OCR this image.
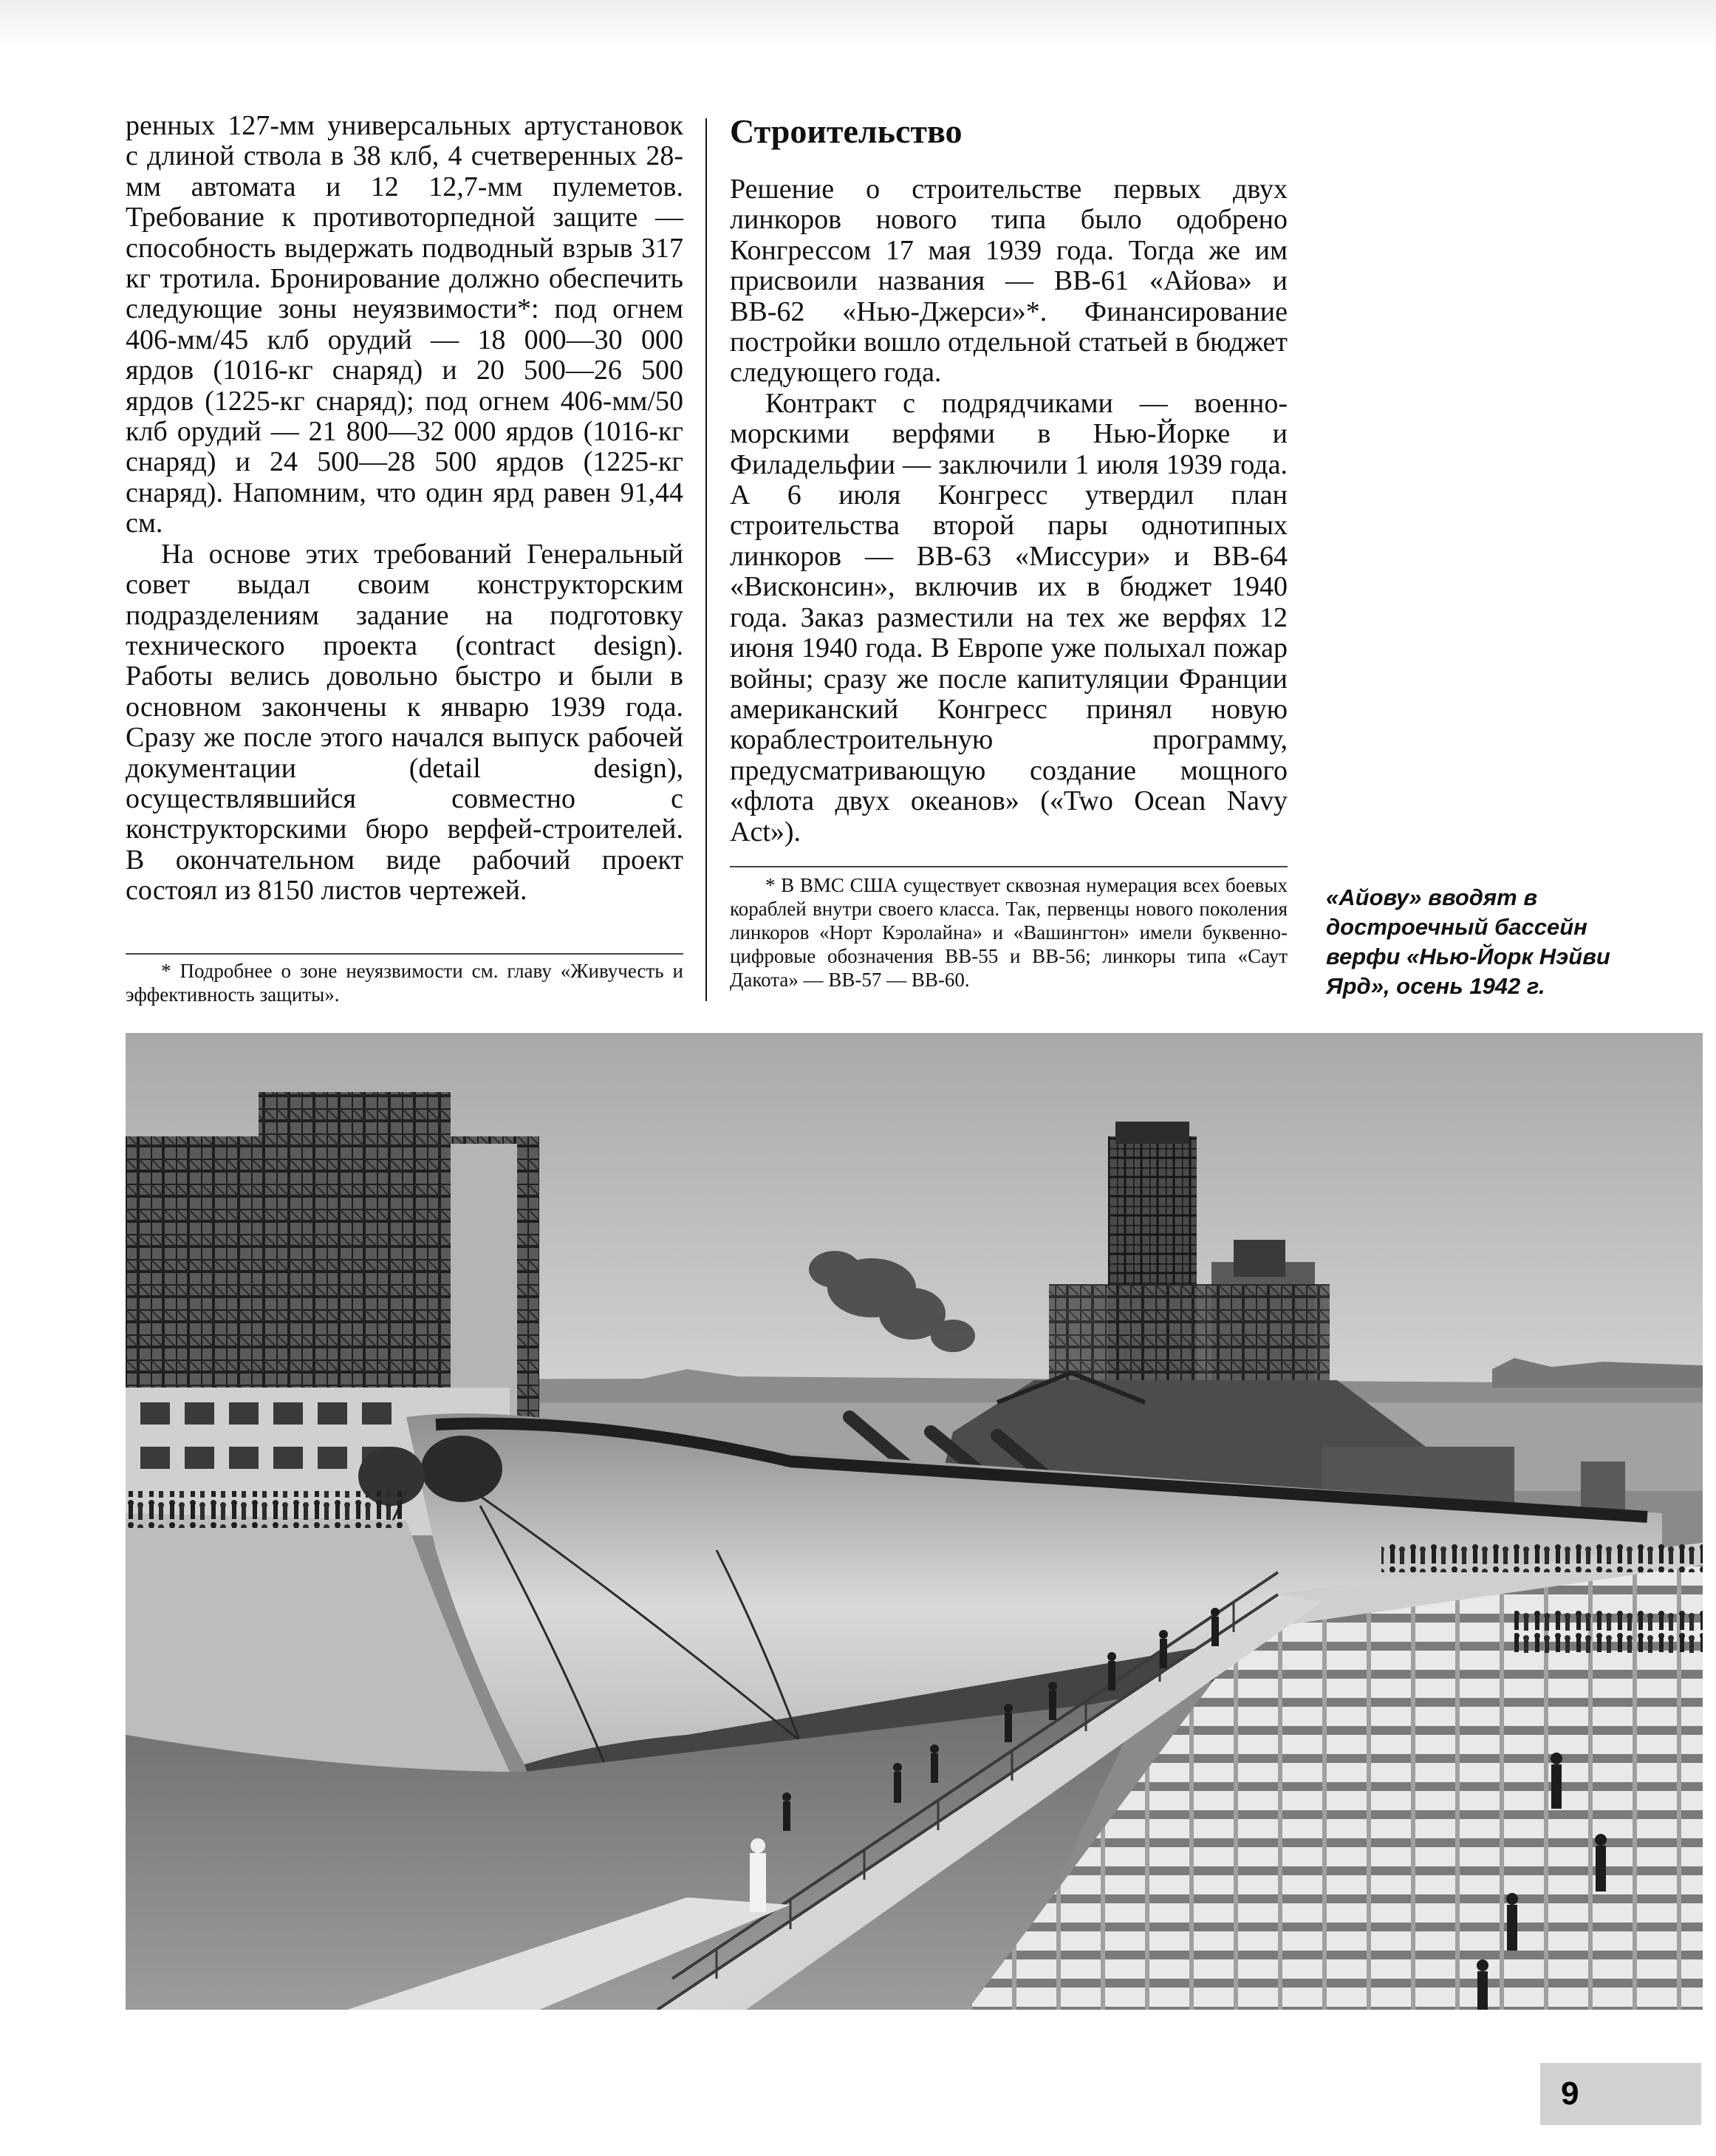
ренных 127-мм универсальных артустановок с длиной ствола в 38 клб, 4 счетверенных 28-мм автомата и 12 12,7-мм пулеметов. Требование к противоторпедной защите — способность выдержать подводный взрыв 317 кг тротила. Бронирование должно обеспечить следующие зоны неуязвимости*: под огнем 406-мм/45 клб орудий — 18 000—30 000 ярдов (1016-кг снаряд) и 20 500—26 500 ярдов (1225-кг снаряд); под огнем 406-мм/50 клб орудий — 21 800—32 000 ярдов (1016-кг снаряд) и 24 500—28 500 ярдов (1225-кг снаряд). Напомним, что один ярд равен 91,44 см.

На основе этих требований Генеральный совет выдал своим конструкторским подразделениям задание на подготовку технического проекта (contract design). Работы велись довольно быстро и были в основном закончены к январю 1939 года. Сразу же после этого начался выпуск рабочей документации (detail design), осуществлявшийся совместно с конструкторскими бюро верфей-строителей. В окончательном виде рабочий проект состоял из 8150 листов чертежей.

Строительство

Решение о строительстве первых двух линкоров нового типа было одобрено Конгрессом 17 мая 1939 года. Тогда же им присвоили названия — ВВ-61 «Айова» и ВВ-62 «Нью-Джерси»*. Финансирование постройки вошло отдельной статьей в бюджет следующего года.

Контракт с подрядчиками — военно-морскими верфями в Нью-Йорке и Филадельфии — заключили 1 июля 1939 года. А 6 июля Конгресс утвердил план строительства второй пары однотипных линкоров — ВВ-63 «Миссури» и ВВ-64 «Висконсин», включив их в бюджет 1940 года. Заказ разместили на тех же верфях 12 июня 1940 года. В Европе уже полыхал пожар войны; сразу же после капитуляции Франции американский Конгресс принял новую кораблестроительную программу, предусматривающую создание мощного «флота двух океанов» («Two Ocean Navy Act»).

* Подробнее о зоне неуязвимости см. главу «Живучесть и эффективность защиты».

* В ВМС США существует сквозная нумерация всех боевых кораблей внутри своего класса. Так, первенцы нового поколения линкоров «Норт Кэролайна» и «Вашингтон» имели буквенно-цифровые обозначения ВВ-55 и ВВ-56; линкоры типа «Саут Дакота» — ВВ-57 — ВВ-60.

«Айову» вводят в достроечный бассейн верфи «Нью-Йорк Нэйви Ярд», осень 1942 г.

9
